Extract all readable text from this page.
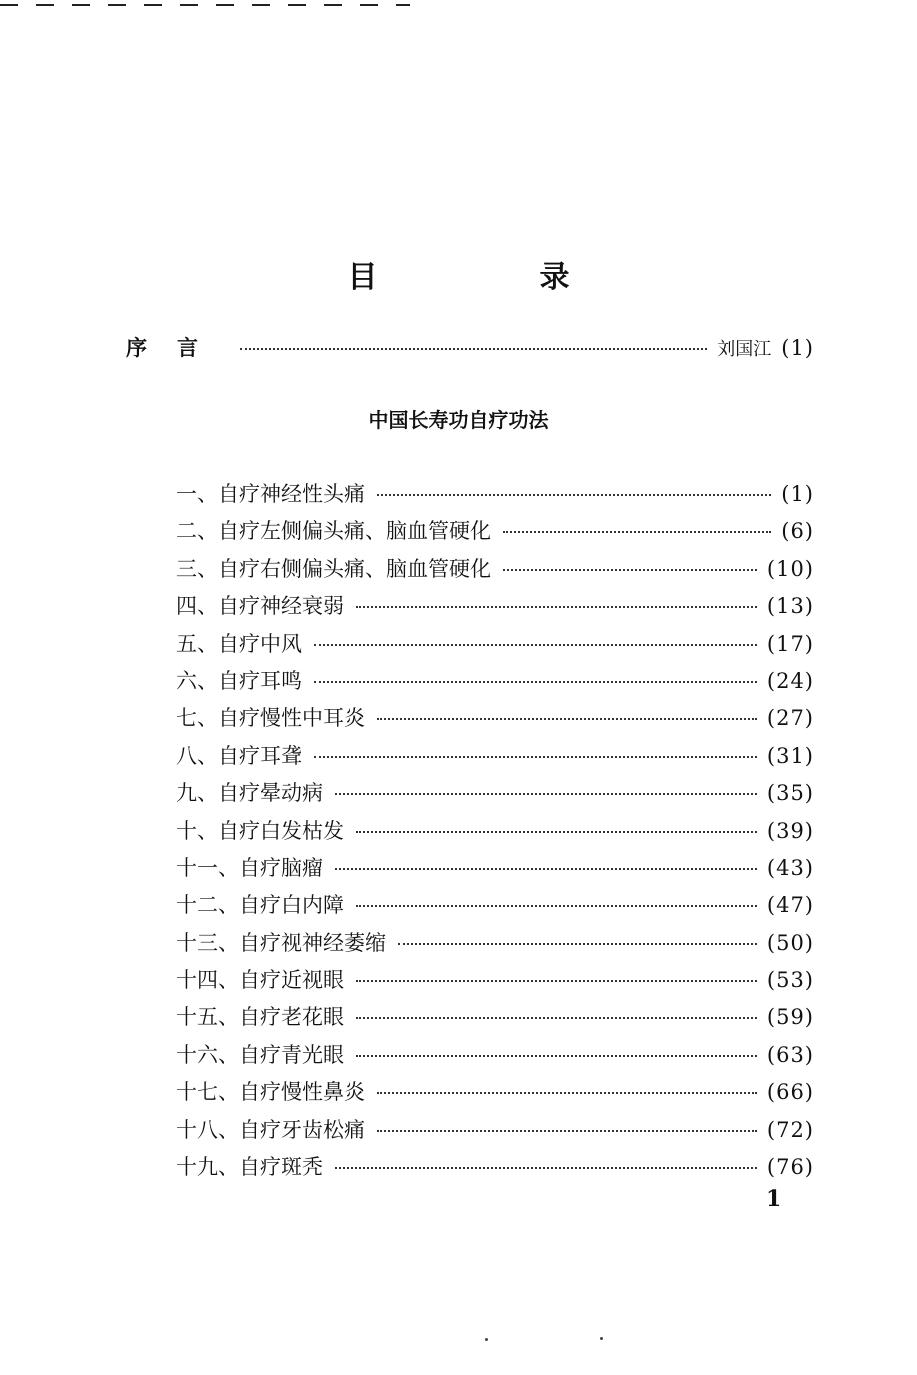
目　录
序言	刘国江 (1)
中国长寿功自疗功法
一、自疗神经性头痛	(1)
二、自疗左侧偏头痛、脑血管硬化	(6)
三、自疗右侧偏头痛、脑血管硬化	(10)
四、自疗神经衰弱	(13)
五、自疗中风	(17)
六、自疗耳鸣	(24)
七、自疗慢性中耳炎	(27)
八、自疗耳聋	(31)
九、自疗晕动病	(35)
十、自疗白发枯发	(39)
十一、自疗脑瘤	(43)
十二、自疗白内障	(47)
十三、自疗视神经萎缩	(50)
十四、自疗近视眼	(53)
十五、自疗老花眼	(59)
十六、自疗青光眼	(63)
十七、自疗慢性鼻炎	(66)
十八、自疗牙齿松痛	(72)
十九、自疗斑秃	(76)
1
